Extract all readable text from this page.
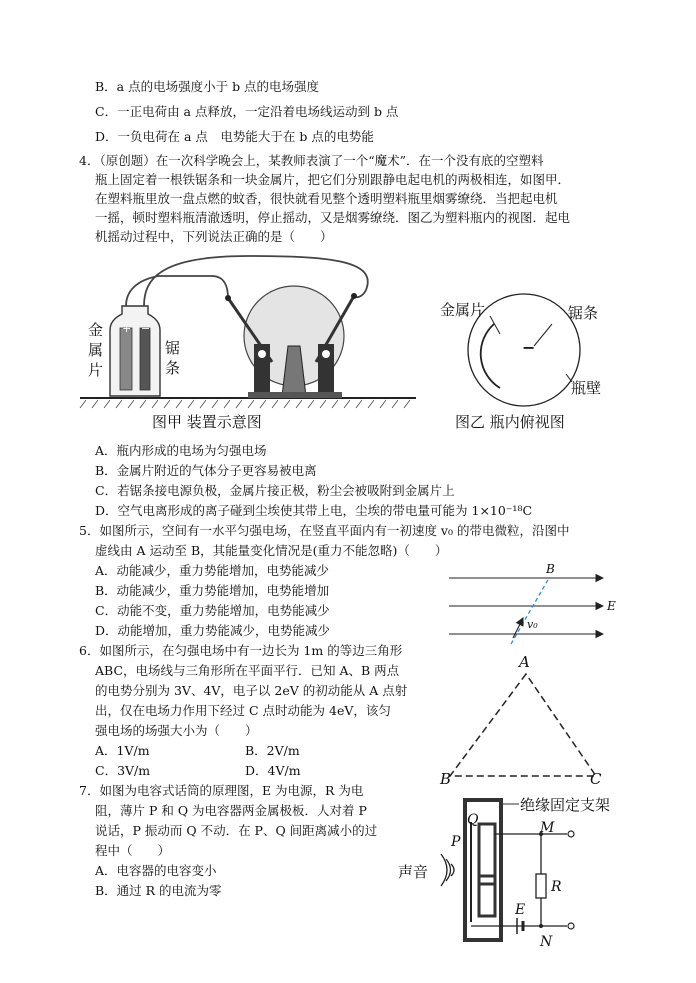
B．a 点的电场强度小于 b 点的电场强度
C．一正电荷由 a 点释放，一定沿着电场线运动到 b 点
D．一负电荷在 a 点　电势能大于在 b 点的电势能
4．（原创题）在一次科学晚会上，某教师表演了一个“魔术”．在一个没有底的空塑料
瓶上固定着一根铁锯条和一块金属片，把它们分别跟静电起电机的两极相连，如图甲．
在塑料瓶里放一盘点燃的蚊香，很快就看见整个透明塑料瓶里烟雾缭绕．当把起电机
一摇，顿时塑料瓶清澈透明，停止摇动，又是烟雾缭绕．图乙为塑料瓶内的视图．起电
机摇动过程中，下列说法正确的是（　　）
+ −
金
属
片
锯
条
图甲 装置示意图
−
金属片	锯条
瓶壁
图乙 瓶内俯视图
A．瓶内形成的电场为匀强电场
B．金属片附近的气体分子更容易被电离
C．若锯条接电源负极，金属片接正极，粉尘会被吸附到金属片上
D．空气电离形成的离子碰到尘埃使其带上电，尘埃的带电量可能为 1×10⁻¹⁸C
5．如图所示，空间有一水平匀强电场，在竖直平面内有一初速度 v₀ 的带电微粒，沿图中
虚线由 A 运动至 B，其能量变化情况是(重力不能忽略)（　　）
A．动能减少，重力势能增加，电势能减少
B．动能减少，重力势能增加，电势能增加
C．动能不变，重力势能增加，电势能减少
D．动能增加，重力势能减少，电势能减少
B
E
v₀
6．如图所示，在匀强电场中有一边长为 1m 的等边三角形
ABC，电场线与三角形所在平面平行．已知 A、B 两点
的电势分别为 3V、4V，电子以 2eV 的初动能从 A 点射
出，仅在电场力作用下经过 C 点时动能为 4eV，该匀
强电场的场强大小为（　　）
A．1V/m	B．2V/m
C．3V/m	D．4V/m
A
B	C
7．如图为电容式话筒的原理图，E 为电源，R 为电
阻，薄片 P 和 Q 为电容器两金属极板．人对着 P
说话，P 振动而 Q 不动．在 P、Q 间距离减小的过
程中（　　）
A．电容器的电容变小
B．通过 R 的电流为零
M
N
R
E
P
Q
绝缘固定支架
声音
